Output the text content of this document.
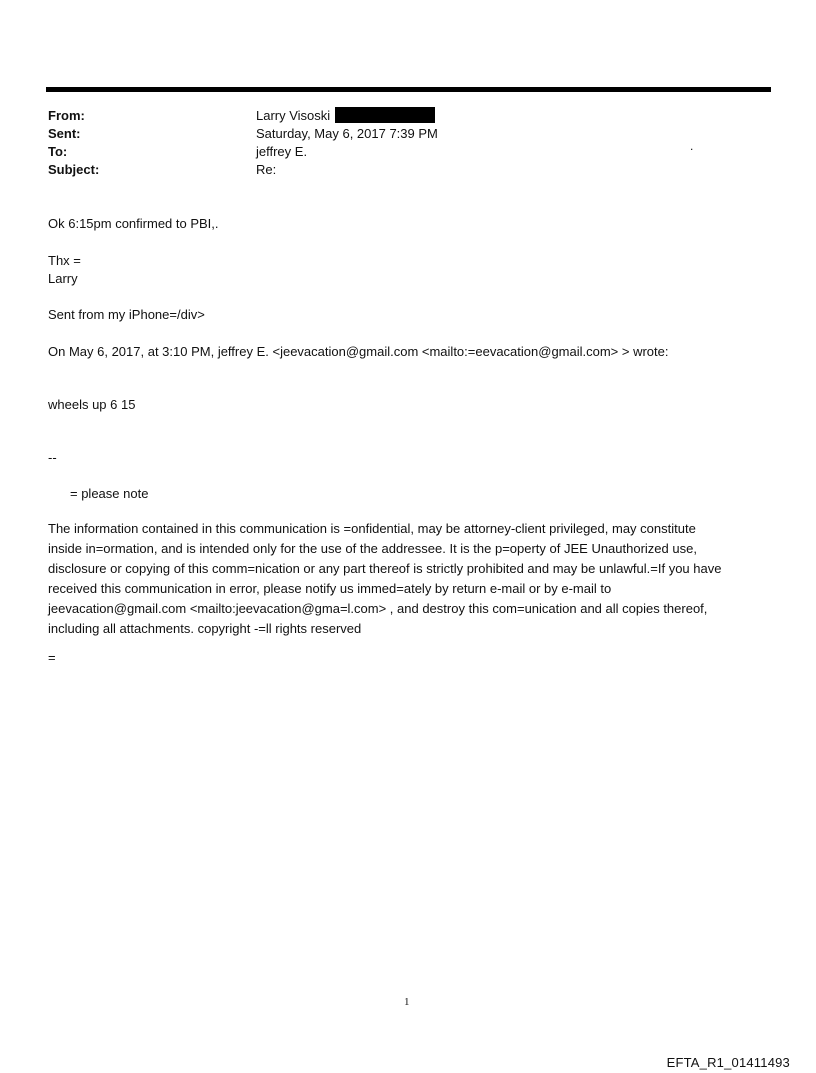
From:	Larry Visoski
Sent:	Saturday, May 6, 2017 7:39 PM
To:	jeffrey E.
Subject:	Re:
.
Ok 6:15pm confirmed to PBI,.
Thx =
Larry
Sent from my iPhone=/div>
On May 6, 2017, at 3:10 PM, jeffrey E. <jeevacation@gmail.com <mailto:=eevacation@gmail.com> > wrote:
wheels up 6 15
--
= please note
The information contained in this communication is =onfidential, may be attorney-client privileged, may constitute
inside in=ormation, and is intended only for the use of the addressee. It is the p=operty of JEE Unauthorized use,
disclosure or copying of this comm=nication or any part thereof is strictly prohibited and may be unlawful.=If you have
received this communication in error, please notify us immed=ately by return e-mail or by e-mail to
jeevacation@gmail.com <mailto:jeevacation@gma=l.com> , and destroy this com=unication and all copies thereof,
including all attachments. copyright -=ll rights reserved
=
1
EFTA_R1_01411493
